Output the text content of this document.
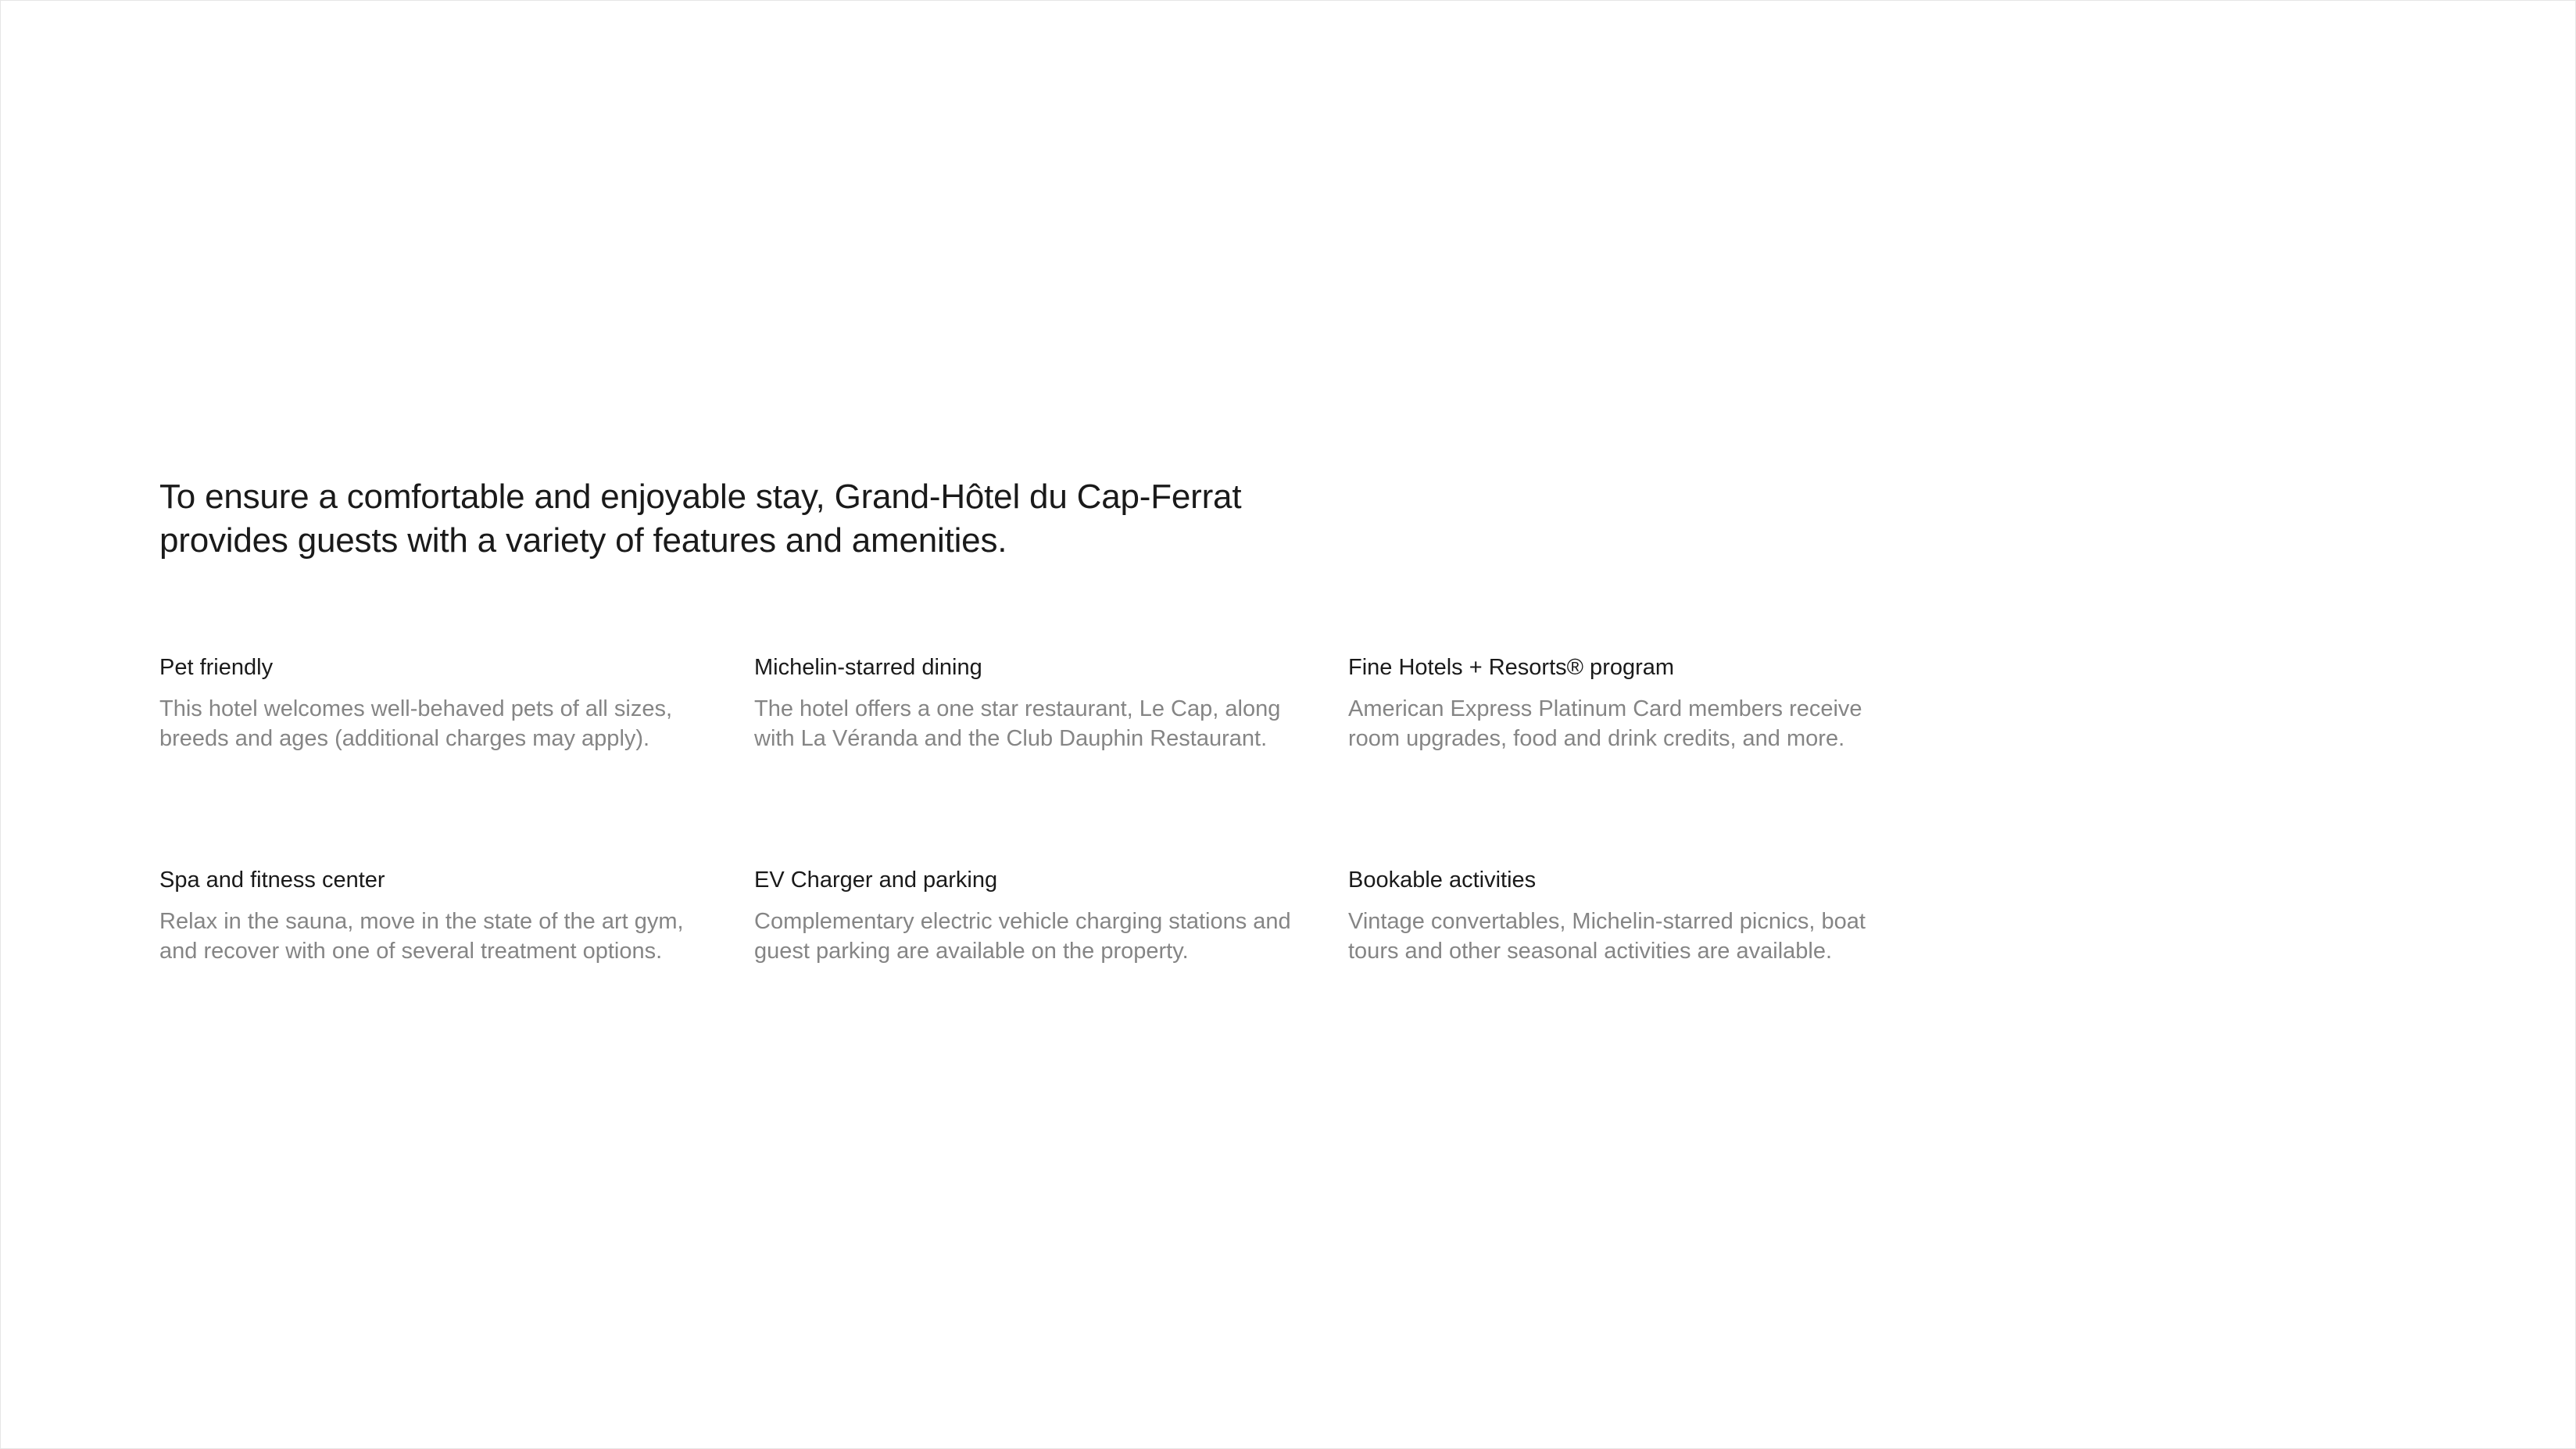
To ensure a comfortable and enjoyable stay, Grand-Hôtel du Cap-Ferrat provides guests with a variety of features and amenities.
Pet friendly

This hotel welcomes well-behaved pets of all sizes, breeds and ages (additional charges may apply).

Michelin-starred dining

The hotel offers a one star restaurant, Le Cap, along with La Véranda and the Club Dauphin Restaurant.

Fine Hotels + Resorts® program

American Express Platinum Card members receive room upgrades, food and drink credits, and more.

Spa and fitness center

Relax in the sauna, move in the state of the art gym, and recover with one of several treatment options.

EV Charger and parking

Complementary electric vehicle charging stations and guest parking are available on the property.

Bookable activities

Vintage convertables, Michelin-starred picnics, boat tours and other seasonal activities are available.
